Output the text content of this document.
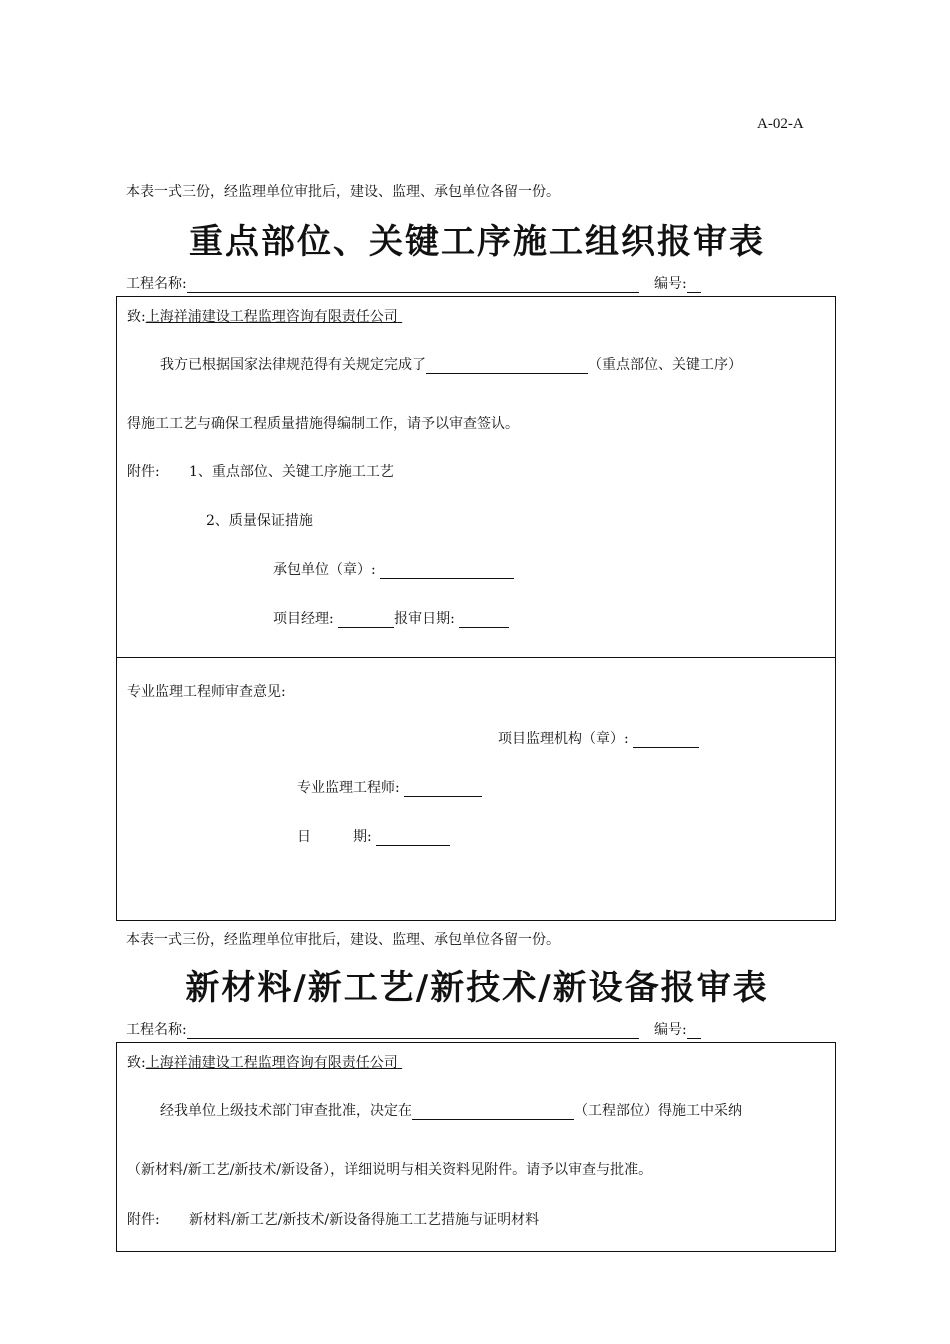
A-02-A
本表一式三份，经监理单位审批后，建设、监理、承包单位各留一份。
重点部位、关键工序施工组织报审表
工程名称:	编号:
致:上海祥浦建设工程监理咨询有限责任公司
我方已根据国家法律规范得有关规定完成了	（重点部位、关键工序）
得施工工艺与确保工程质量措施得编制工作，请予以审查签认。
附件: 1、重点部位、关键工序施工工艺
2、质量保证措施
承包单位（章）:
项目经理:	报审日期:
专业监理工程师审查意见:
项目监理机构（章）:
专业监理工程师:
日　　　期:
本表一式三份，经监理单位审批后，建设、监理、承包单位各留一份。
新材料/新工艺/新技术/新设备报审表
工程名称:	编号:
致:上海祥浦建设工程监理咨询有限责任公司
经我单位上级技术部门审查批准，决定在	（工程部位）得施工中采纳
（新材料/新工艺/新技术/新设备），详细说明与相关资料见附件。请予以审查与批准。
附件: 新材料/新工艺/新技术/新设备得施工工艺措施与证明材料
